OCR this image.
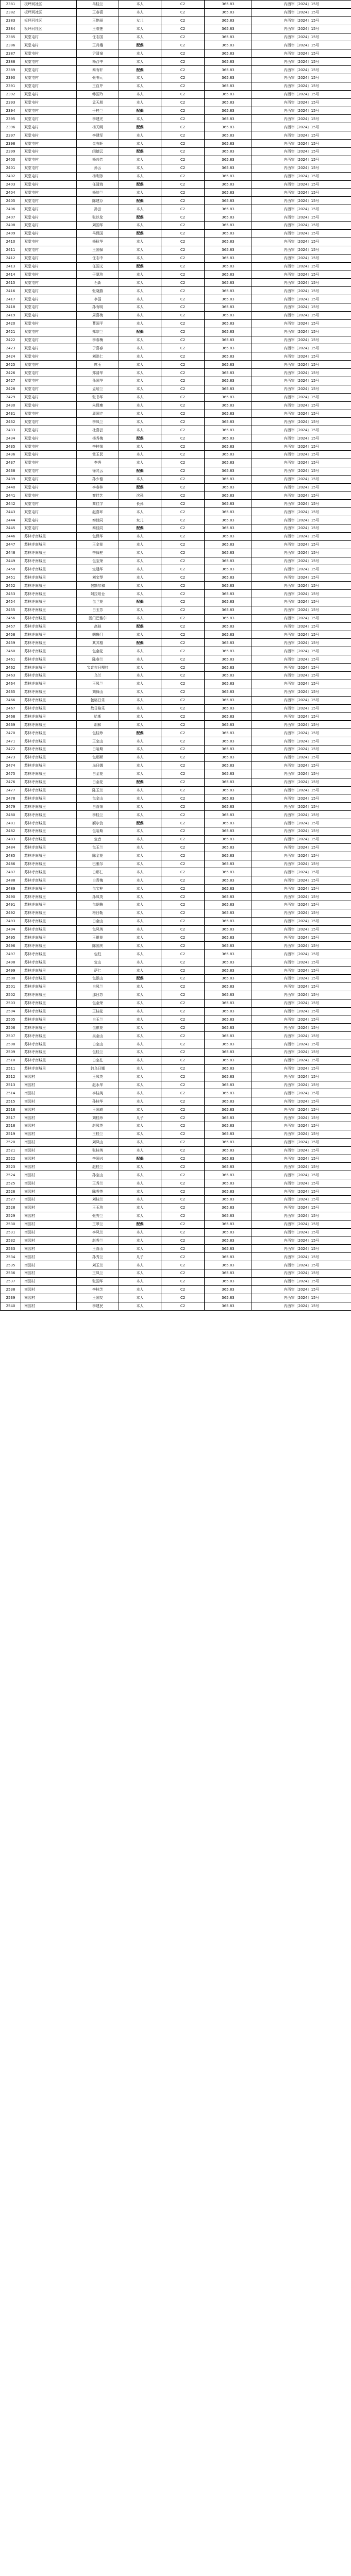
2381	板坪河社区	马桂兰	本人	C2	365.83	内西审〔2024〕15号
2382	板坪河社区	王春喜	本人	C2	365.83	内西审〔2024〕15号
2383	板坪河社区	王艳丽	女儿	C2	365.83	内西审〔2024〕15号
2384	板坪河社区	王春莲	本人	C2	365.83	内西审〔2024〕15号
2385	双堂屯村	任志国	本人	C2	365.83	内西审〔2024〕15号
2386	双堂屯村	王月娥	配偶	C2	365.83	内西审〔2024〕15号
2387	双堂屯村	尹清泉	本人	C2	365.83	内西审〔2024〕15号
2388	双堂屯村	杨召中	本人	C2	365.83	内西审〔2024〕15号
2389	双堂屯村	秦有轩	配偶	C2	365.83	内西审〔2024〕15号
2390	双堂屯村	张书元	本人	C2	365.83	内西审〔2024〕15号
2391	双堂屯村	王自芹	本人	C2	365.83	内西审〔2024〕15号
2392	双堂屯村	韩国玲	本人	C2	365.83	内西审〔2024〕15号
2393	双堂屯村	孟天朋	本人	C2	365.83	内西审〔2024〕15号
2394	双堂屯村	于桂兰	配偶	C2	365.83	内西审〔2024〕15号
2395	双堂屯村	李建光	本人	C2	365.83	内西审〔2024〕15号
2396	双堂屯村	杨天明	配偶	C2	365.83	内西审〔2024〕15号
2397	双堂屯村	李建军	本人	C2	365.83	内西审〔2024〕15号
2398	双堂屯村	崔有轩	本人	C2	365.83	内西审〔2024〕15号
2399	双堂屯村	闫德云	配偶	C2	365.83	内西审〔2024〕15号
2400	双堂屯村	杨兴芳	本人	C2	365.83	内西审〔2024〕15号
2401	双堂屯村	孙云	本人	C2	365.83	内西审〔2024〕15号
2402	双堂屯村	杨利芳	本人	C2	365.83	内西审〔2024〕15号
2403	双堂屯村	任清海	配偶	C2	365.83	内西审〔2024〕15号
2404	双堂屯村	杨培兰	本人	C2	365.83	内西审〔2024〕15号
2405	双堂屯村	陈建芬	配偶	C2	365.83	内西审〔2024〕15号
2406	双堂屯村	孙云	本人	C2	365.83	内西审〔2024〕15号
2407	双堂屯村	张以伦	配偶	C2	365.83	内西审〔2024〕15号
2408	双堂屯村	刘国华	本人	C2	365.83	内西审〔2024〕15号
2409	双堂屯村	马保国	配偶	C2	365.83	内西审〔2024〕15号
2410	双堂屯村	杨秋华	本人	C2	365.83	内西审〔2024〕15号
2411	双堂屯村	王国保	本人	C2	365.83	内西审〔2024〕15号
2412	双堂屯村	任志中	本人	C2	365.83	内西审〔2024〕15号
2413	双堂屯村	任国义	配偶	C2	365.83	内西审〔2024〕15号
2414	双堂屯村	于翠珍	本人	C2	365.83	内西审〔2024〕15号
2415	双堂屯村	石新	本人	C2	365.83	内西审〔2024〕15号
2416	双堂屯村	张晓燕	本人	C2	365.83	内西审〔2024〕15号
2417	双堂屯村	李国	本人	C2	365.83	内西审〔2024〕15号
2418	双堂屯村	孙有明	本人	C2	365.83	内西审〔2024〕15号
2419	双堂屯村	周喜梅	本人	C2	365.83	内西审〔2024〕15号
2420	双堂屯村	曹国平	本人	C2	365.83	内西审〔2024〕15号
2421	双堂屯村	郑宗兰	配偶	C2	365.83	内西审〔2024〕15号
2422	双堂屯村	李春梅	本人	C2	365.83	内西审〔2024〕15号
2423	双堂屯村	于喜春	本人	C2	365.83	内西审〔2024〕15号
2424	双堂屯村	刘洪仁	本人	C2	365.83	内西审〔2024〕15号
2425	双堂屯村	席玉	本人	C2	365.83	内西审〔2024〕15号
2426	双堂屯村	郑清华	本人	C2	365.83	内西审〔2024〕15号
2427	双堂屯村	孙国华	本人	C2	365.83	内西审〔2024〕15号
2428	双堂屯村	孟培兰	本人	C2	365.83	内西审〔2024〕15号
2429	双堂屯村	张书华	本人	C2	365.83	内西审〔2024〕15号
2430	双堂屯村	朱保寨	本人	C2	365.83	内西审〔2024〕15号
2431	双堂屯村	周国立	本人	C2	365.83	内西审〔2024〕15号
2432	双堂屯村	李凤兰	本人	C2	365.83	内西审〔2024〕15号
2433	双堂屯村	杜喜云	本人	C2	365.83	内西审〔2024〕15号
2434	双堂屯村	杨秀梅	配偶	C2	365.83	内西审〔2024〕15号
2435	双堂屯村	李桂荣	本人	C2	365.83	内西审〔2024〕15号
2436	双堂屯村	霍玉民	本人	C2	365.83	内西审〔2024〕15号
2437	双堂屯村	李秀	本人	C2	365.83	内西审〔2024〕15号
2438	双堂屯村	徐兆云	配偶	C2	365.83	内西审〔2024〕15号
2439	双堂屯村	孙少德	本人	C2	365.83	内西审〔2024〕15号
2440	双堂屯村	李春林	配偶	C2	365.83	内西审〔2024〕15号
2441	双堂屯村	秦佳艺	次孙	C2	365.83	内西审〔2024〕15号
2442	双堂屯村	秦佳宇	长孙	C2	365.83	内西审〔2024〕15号
2443	双堂屯村	赵喜环	本人	C2	365.83	内西审〔2024〕15号
2444	双堂屯村	秦佳同	女儿	C2	365.83	内西审〔2024〕15号
2445	双堂屯村	秦佳同	配偶	C2	365.83	内西审〔2024〕15号
2446	苏林寺南城里	包保华	本人	C2	365.83	内西审〔2024〕15号
2447	苏林寺南城里	王金花	本人	C2	365.83	内西审〔2024〕15号
2448	苏林寺南城里	李保柱	本人	C2	365.83	内西审〔2024〕15号
2449	苏林寺南城里	包宝荣	本人	C2	365.83	内西审〔2024〕15号
2450	苏林寺南城里	宝建华	本人	C2	365.83	内西审〔2024〕15号
2451	苏林寺南城里	刘宝琴	本人	C2	365.83	内西审〔2024〕15号
2452	苏林寺南城里	包额尔和	本人	C2	365.83	内西审〔2024〕15号
2453	苏林寺南城里	阿拉坦仓	本人	C2	365.83	内西审〔2024〕15号
2454	苏林寺南城里	包兰花	配偶	C2	365.83	内西审〔2024〕15号
2455	苏林寺南城里	白玉芳	本人	C2	365.83	内西审〔2024〕15号
2456	苏林寺南城里	图门巴雅尔	本人	C2	365.83	内西审〔2024〕15号
2457	苏林寺南城里	高娃	配偶	C2	365.83	内西审〔2024〕15号
2458	苏林寺南城里	朝鲁门	本人	C2	365.83	内西审〔2024〕15号
2459	苏林寺南城里	其其格	配偶	C2	365.83	内西审〔2024〕15号
2460	苏林寺南城里	包金花	本人	C2	365.83	内西审〔2024〕15号
2461	苏林寺南城里	陈春兰	本人	C2	365.83	内西审〔2024〕15号
2462	苏林寺南城里	宝音吉日嘎拉	本人	C2	365.83	内西审〔2024〕15号
2463	苏林寺南城里	乌兰	本人	C2	365.83	内西审〔2024〕15号
2464	苏林寺南城里	王凤兰	本人	C2	365.83	内西审〔2024〕15号
2465	苏林寺南城里	刘保山	本人	C2	365.83	内西审〔2024〕15号
2466	苏林寺南城里	包格日乐	本人	C2	365.83	内西审〔2024〕15号
2467	苏林寺南城里	敖日格乐	本人	C2	365.83	内西审〔2024〕15号
2468	苏林寺南城里	哈斯	本人	C2	365.83	内西审〔2024〕15号
2469	苏林寺南城里	胡和	本人	C2	365.83	内西审〔2024〕15号
2470	苏林寺南城里	包桂珍	配偶	C2	365.83	内西审〔2024〕15号
2471	苏林寺南城里	王宝山	本人	C2	365.83	内西审〔2024〕15号
2472	苏林寺南城里	白哈斯	本人	C2	365.83	内西审〔2024〕15号
2473	苏林寺南城里	包那顺	本人	C2	365.83	内西审〔2024〕15号
2474	苏林寺南城里	乌日娜	本人	C2	365.83	内西审〔2024〕15号
2475	苏林寺南城里	白金花	本人	C2	365.83	内西审〔2024〕15号
2476	苏林寺南城里	白金花	配偶	C2	365.83	内西审〔2024〕15号
2477	苏林寺南城里	陈玉兰	本人	C2	365.83	内西审〔2024〕15号
2478	苏林寺南城里	包金山	本人	C2	365.83	内西审〔2024〕15号
2479	苏林寺南城里	白喜荣	本人	C2	365.83	内西审〔2024〕15号
2480	苏林寺南城里	李桂兰	本人	C2	365.83	内西审〔2024〕15号
2481	苏林寺南城里	额尔敦	配偶	C2	365.83	内西审〔2024〕15号
2482	苏林寺南城里	包哈斯	本人	C2	365.83	内西审〔2024〕15号
2483	苏林寺南城里	宝音	本人	C2	365.83	内西审〔2024〕15号
2484	苏林寺南城里	包玉兰	本人	C2	365.83	内西审〔2024〕15号
2485	苏林寺南城里	陈金花	本人	C2	365.83	内西审〔2024〕15号
2486	苏林寺南城里	巴雅尔	本人	C2	365.83	内西审〔2024〕15号
2487	苏林寺南城里	白那仁	本人	C2	365.83	内西审〔2024〕15号
2488	苏林寺南城里	白青梅	本人	C2	365.83	内西审〔2024〕15号
2489	苏林寺南城里	包宝柱	本人	C2	365.83	内西审〔2024〕15号
2490	苏林寺南城里	孙凤英	本人	C2	365.83	内西审〔2024〕15号
2491	苏林寺南城里	包朝鲁	本人	C2	365.83	内西审〔2024〕15号
2492	苏林寺南城里	格日勒	本人	C2	365.83	内西审〔2024〕15号
2493	苏林寺南城里	白金山	本人	C2	365.83	内西审〔2024〕15号
2494	苏林寺南城里	包凤英	本人	C2	365.83	内西审〔2024〕15号
2495	苏林寺南城里	王银花	本人	C2	365.83	内西审〔2024〕15号
2496	苏林寺南城里	陈国庆	本人	C2	365.83	内西审〔2024〕15号
2497	苏林寺南城里	包柱	本人	C2	365.83	内西审〔2024〕15号
2498	苏林寺南城里	宝山	本人	C2	365.83	内西审〔2024〕15号
2499	苏林寺南城里	萨仁	本人	C2	365.83	内西审〔2024〕15号
2500	苏林寺南城里	包银山	配偶	C2	365.83	内西审〔2024〕15号
2501	苏林寺南城里	白凤兰	本人	C2	365.83	内西审〔2024〕15号
2502	苏林寺南城里	那日苏	本人	C2	365.83	内西审〔2024〕15号
2503	苏林寺南城里	包金荣	本人	C2	365.83	内西审〔2024〕15号
2504	苏林寺南城里	王桂花	本人	C2	365.83	内西审〔2024〕15号
2505	苏林寺南城里	白玉兰	本人	C2	365.83	内西审〔2024〕15号
2506	苏林寺南城里	包银花	本人	C2	365.83	内西审〔2024〕15号
2507	苏林寺南城里	吴金山	本人	C2	365.83	内西审〔2024〕15号
2508	苏林寺南城里	白宝山	本人	C2	365.83	内西审〔2024〕15号
2509	苏林寺南城里	包桂兰	本人	C2	365.83	内西审〔2024〕15号
2510	苏林寺南城里	白宝柱	本人	C2	365.83	内西审〔2024〕15号
2511	苏林寺南城里	韩乌日娜	本人	C2	365.83	内西审〔2024〕15号
2512	南园村	王凤英	本人	C2	365.83	内西审〔2024〕15号
2513	南园村	赵永华	本人	C2	365.83	内西审〔2024〕15号
2514	南园村	李桂英	本人	C2	365.83	内西审〔2024〕15号
2515	南园村	孙桂华	本人	C2	365.83	内西审〔2024〕15号
2516	南园村	王国成	本人	C2	365.83	内西审〔2024〕15号
2517	南园村	刘桂珍	儿子	C2	365.83	内西审〔2024〕15号
2518	南园村	赵凤英	本人	C2	365.83	内西审〔2024〕15号
2519	南园村	王桂兰	本人	C2	365.83	内西审〔2024〕15号
2520	南园村	刘凤山	本人	C2	365.83	内西审〔2024〕15号
2521	南园村	张桂英	本人	C2	365.83	内西审〔2024〕15号
2522	南园村	李国兴	配偶	C2	365.83	内西审〔2024〕15号
2523	南园村	赵桂兰	本人	C2	365.83	内西审〔2024〕15号
2524	南园村	孙宝山	本人	C2	365.83	内西审〔2024〕15号
2525	南园村	王秀兰	本人	C2	365.83	内西审〔2024〕15号
2526	南园村	陈秀英	本人	C2	365.83	内西审〔2024〕15号
2527	南园村	刘桂兰	本人	C2	365.83	内西审〔2024〕15号
2528	南园村	王玉珍	本人	C2	365.83	内西审〔2024〕15号
2529	南园村	张秀兰	本人	C2	365.83	内西审〔2024〕15号
2530	南园村	王翠兰	配偶	C2	365.83	内西审〔2024〕15号
2531	南园村	李凤兰	本人	C2	365.83	内西审〔2024〕15号
2532	南园村	赵秀兰	本人	C2	365.83	内西审〔2024〕15号
2533	南园村	王喜山	本人	C2	365.83	内西审〔2024〕15号
2534	南园村	孙秀兰	儿子	C2	365.83	内西审〔2024〕15号
2535	南园村	刘玉兰	本人	C2	365.83	内西审〔2024〕15号
2536	南园村	王凤兰	本人	C2	365.83	内西审〔2024〕15号
2537	南园村	张国华	本人	C2	365.83	内西审〔2024〕15号
2538	南园村	李桂芝	本人	C2	365.83	内西审〔2024〕15号
2539	南园村	王国友	本人	C2	365.83	内西审〔2024〕15号
2540	南园村	李建民	本人	C2	365.83	内西审〔2024〕15号
